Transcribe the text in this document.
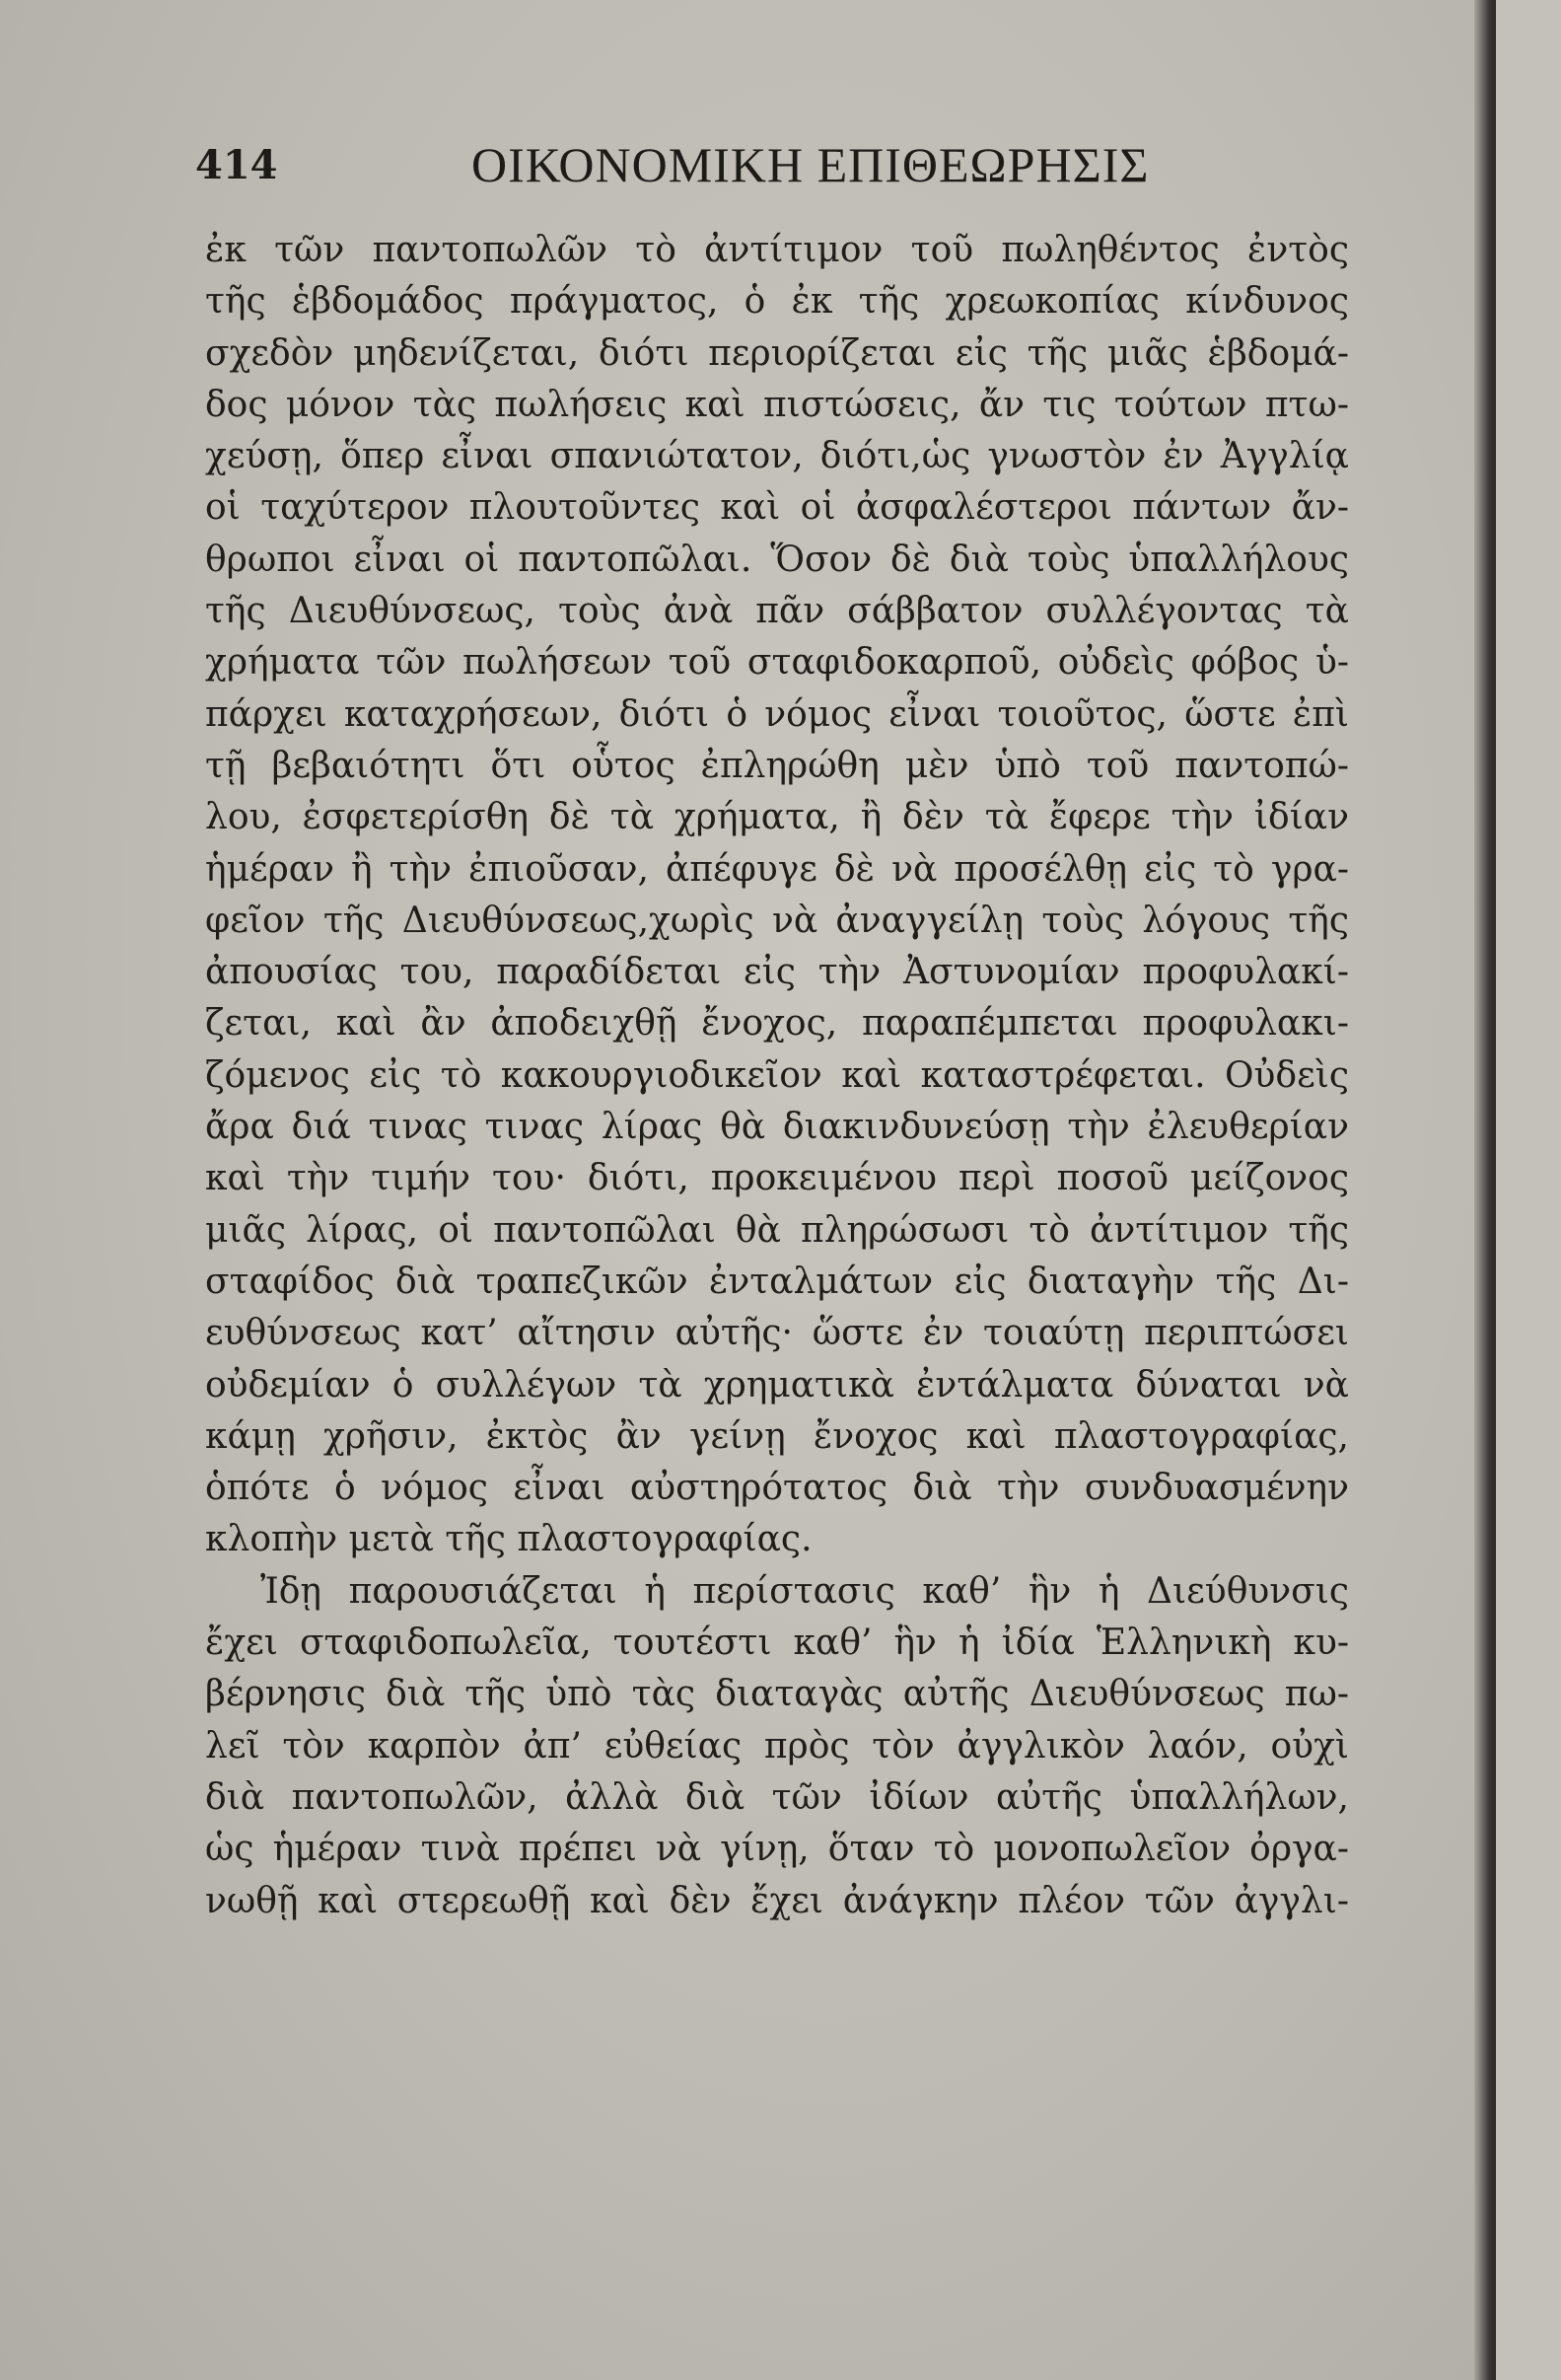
414	ΟΙΚΟΝΟΜΙΚΗ ΕΠΙΘΕΩΡΗΣΙΣ
ἐκ τῶν παντοπωλῶν τὸ ἀντίτιμον τοῦ πωληθέντος ἐντὸς
τῆς ἑβδομάδος πράγματος, ὁ ἐκ τῆς χρεωκοπίας κίνδυνος
σχεδὸν μηδενίζεται, διότι περιορίζεται εἰς τῆς μιᾶς ἑβδομά-
δος μόνον τὰς πωλήσεις καὶ πιστώσεις, ἄν τις τούτων πτω-
χεύσῃ, ὅπερ εἶναι σπανιώτατον, διότι,ὡς γνωστὸν ἐν Ἀγγλίᾳ
οἱ ταχύτερον πλουτοῦντες καὶ οἱ ἀσφαλέστεροι πάντων ἄν-
θρωποι εἶναι οἱ παντοπῶλαι. Ὅσον δὲ διὰ τοὺς ὑπαλλήλους
τῆς Διευθύνσεως, τοὺς ἀνὰ πᾶν σάββατον συλλέγοντας τὰ
χρήματα τῶν πωλήσεων τοῦ σταφιδοκαρποῦ, οὐδεὶς φόβος ὑ-
πάρχει καταχρήσεων, διότι ὁ νόμος εἶναι τοιοῦτος, ὥστε ἐπὶ
τῇ βεβαιότητι ὅτι οὗτος ἐπληρώθη μὲν ὑπὸ τοῦ παντοπώ-
λου, ἐσφετερίσθη δὲ τὰ χρήματα, ἢ δὲν τὰ ἔφερε τὴν ἰδίαν
ἡμέραν ἢ τὴν ἐπιοῦσαν, ἀπέφυγε δὲ νὰ προσέλθῃ εἰς τὸ γρα-
φεῖον τῆς Διευθύνσεως,χωρὶς νὰ ἀναγγείλῃ τοὺς λόγους τῆς
ἀπουσίας του, παραδίδεται εἰς τὴν Ἀστυνομίαν προφυλακί-
ζεται, καὶ ἂν ἀποδειχθῇ ἔνοχος, παραπέμπεται προφυλακι-
ζόμενος εἰς τὸ κακουργιοδικεῖον καὶ καταστρέφεται. Οὐδεὶς
ἄρα διά τινας τινας λίρας θὰ διακινδυνεύσῃ τὴν ἐλευθερίαν
καὶ τὴν τιμήν του· διότι, προκειμένου περὶ ποσοῦ μείζονος
μιᾶς λίρας, οἱ παντοπῶλαι θὰ πληρώσωσι τὸ ἀντίτιμον τῆς
σταφίδος διὰ τραπεζικῶν ἐνταλμάτων εἰς διαταγὴν τῆς Δι-
ευθύνσεως κατ’ αἴτησιν αὐτῆς· ὥστε ἐν τοιαύτῃ περιπτώσει
οὐδεμίαν ὁ συλλέγων τὰ χρηματικὰ ἐντάλματα δύναται νὰ
κάμῃ χρῆσιν, ἐκτὸς ἂν γείνῃ ἔνοχος καὶ πλαστογραφίας,
ὁπότε ὁ νόμος εἶναι αὐστηρότατος διὰ τὴν συνδυασμένην
κλοπὴν μετὰ τῆς πλαστογραφίας.
Ἰδῃ παρουσιάζεται ἡ περίστασις καθ’ ἣν ἡ Διεύθυνσις
ἔχει σταφιδοπωλεῖα, τουτέστι καθ’ ἣν ἡ ἰδία Ἑλληνικὴ κυ-
βέρνησις διὰ τῆς ὑπὸ τὰς διαταγὰς αὐτῆς Διευθύνσεως πω-
λεῖ τὸν καρπὸν ἀπ’ εὐθείας πρὸς τὸν ἀγγλικὸν λαόν, οὐχὶ
διὰ παντοπωλῶν, ἀλλὰ διὰ τῶν ἰδίων αὐτῆς ὑπαλλήλων,
ὡς ἡμέραν τινὰ πρέπει νὰ γίνῃ, ὅταν τὸ μονοπωλεῖον ὀργα-
νωθῇ καὶ στερεωθῇ καὶ δὲν ἔχει ἀνάγκην πλέον τῶν ἀγγλι-
